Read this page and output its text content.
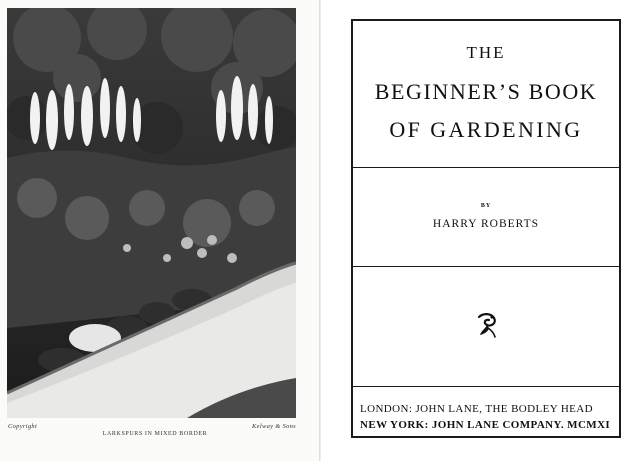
Copyright
LARKSPURS IN MIXED BORDER
Kelway & Sons
THE
BEGINNER’S BOOK
OF GARDENING
BY
HARRY ROBERTS
LONDON: JOHN LANE, THE BODLEY HEAD
NEW YORK: JOHN LANE COMPANY. MCMXI
